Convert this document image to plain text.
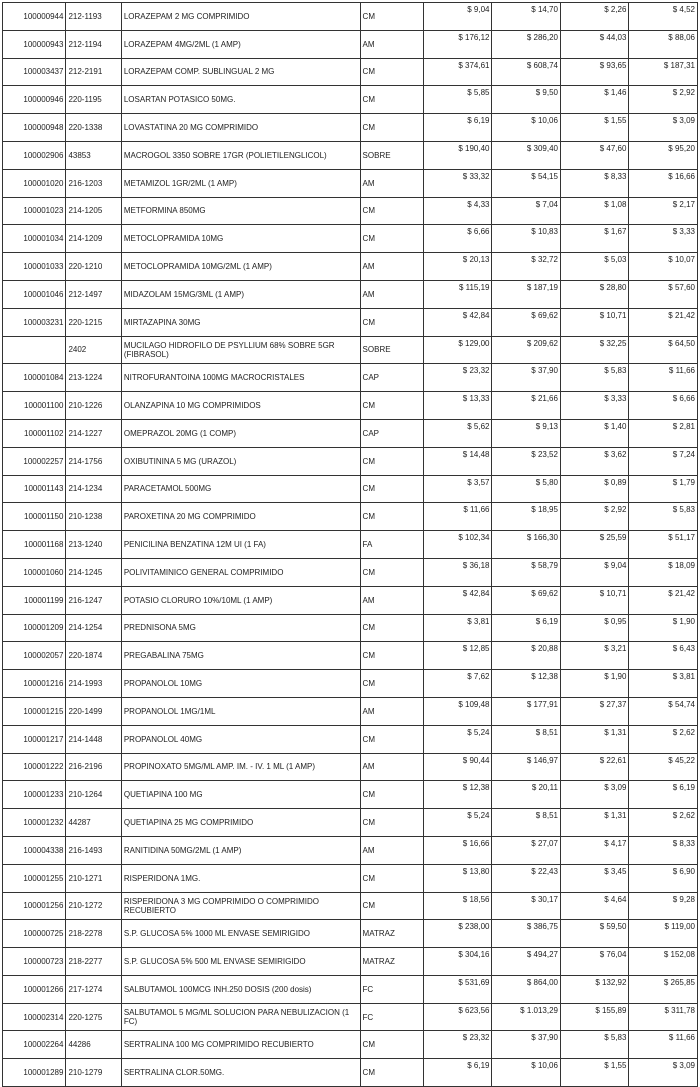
100000944	212-1193	LORAZEPAM 2 MG COMPRIMIDO	CM	$ 9,04	$ 14,70	$ 2,26	$ 4,52
100000943	212-1194	LORAZEPAM 4MG/2ML (1 AMP)	AM	$ 176,12	$ 286,20	$ 44,03	$ 88,06
100003437	212-2191	LORAZEPAM COMP. SUBLINGUAL 2 MG	CM	$ 374,61	$ 608,74	$ 93,65	$ 187,31
100000946	220-1195	LOSARTAN POTASICO 50MG.	CM	$ 5,85	$ 9,50	$ 1,46	$ 2,92
100000948	220-1338	LOVASTATINA 20 MG COMPRIMIDO	CM	$ 6,19	$ 10,06	$ 1,55	$ 3,09
100002906	43853	MACROGOL 3350 SOBRE 17GR (POLIETILENGLICOL)	SOBRE	$ 190,40	$ 309,40	$ 47,60	$ 95,20
100001020	216-1203	METAMIZOL 1GR/2ML (1 AMP)	AM	$ 33,32	$ 54,15	$ 8,33	$ 16,66
100001023	214-1205	METFORMINA 850MG	CM	$ 4,33	$ 7,04	$ 1,08	$ 2,17
100001034	214-1209	METOCLOPRAMIDA 10MG	CM	$ 6,66	$ 10,83	$ 1,67	$ 3,33
100001033	220-1210	METOCLOPRAMIDA 10MG/2ML (1 AMP)	AM	$ 20,13	$ 32,72	$ 5,03	$ 10,07
100001046	212-1497	MIDAZOLAM 15MG/3ML (1 AMP)	AM	$ 115,19	$ 187,19	$ 28,80	$ 57,60
100003231	220-1215	MIRTAZAPINA 30MG	CM	$ 42,84	$ 69,62	$ 10,71	$ 21,42
	2402	MUCILAGO HIDROFILO DE PSYLLIUM 68% SOBRE 5GR (FIBRASOL)	SOBRE	$ 129,00	$ 209,62	$ 32,25	$ 64,50
100001084	213-1224	NITROFURANTOINA 100MG MACROCRISTALES	CAP	$ 23,32	$ 37,90	$ 5,83	$ 11,66
100001100	210-1226	OLANZAPINA 10 MG COMPRIMIDOS	CM	$ 13,33	$ 21,66	$ 3,33	$ 6,66
100001102	214-1227	OMEPRAZOL 20MG (1 COMP)	CAP	$ 5,62	$ 9,13	$ 1,40	$ 2,81
100002257	214-1756	OXIBUTININA 5 MG (URAZOL)	CM	$ 14,48	$ 23,52	$ 3,62	$ 7,24
100001143	214-1234	PARACETAMOL 500MG	CM	$ 3,57	$ 5,80	$ 0,89	$ 1,79
100001150	210-1238	PAROXETINA 20 MG COMPRIMIDO	CM	$ 11,66	$ 18,95	$ 2,92	$ 5,83
100001168	213-1240	PENICILINA BENZATINA 12M UI (1 FA)	FA	$ 102,34	$ 166,30	$ 25,59	$ 51,17
100001060	214-1245	POLIVITAMINICO GENERAL COMPRIMIDO	CM	$ 36,18	$ 58,79	$ 9,04	$ 18,09
100001199	216-1247	POTASIO CLORURO 10%/10ML (1 AMP)	AM	$ 42,84	$ 69,62	$ 10,71	$ 21,42
100001209	214-1254	PREDNISONA 5MG	CM	$ 3,81	$ 6,19	$ 0,95	$ 1,90
100002057	220-1874	PREGABALINA 75MG	CM	$ 12,85	$ 20,88	$ 3,21	$ 6,43
100001216	214-1993	PROPANOLOL 10MG	CM	$ 7,62	$ 12,38	$ 1,90	$ 3,81
100001215	220-1499	PROPANOLOL 1MG/1ML	AM	$ 109,48	$ 177,91	$ 27,37	$ 54,74
100001217	214-1448	PROPANOLOL 40MG	CM	$ 5,24	$ 8,51	$ 1,31	$ 2,62
100001222	216-2196	PROPINOXATO 5MG/ML AMP. IM. - IV. 1 ML (1 AMP)	AM	$ 90,44	$ 146,97	$ 22,61	$ 45,22
100001233	210-1264	QUETIAPINA 100 MG	CM	$ 12,38	$ 20,11	$ 3,09	$ 6,19
100001232	44287	QUETIAPINA 25 MG COMPRIMIDO	CM	$ 5,24	$ 8,51	$ 1,31	$ 2,62
100004338	216-1493	RANITIDINA 50MG/2ML (1 AMP)	AM	$ 16,66	$ 27,07	$ 4,17	$ 8,33
100001255	210-1271	RISPERIDONA 1MG.	CM	$ 13,80	$ 22,43	$ 3,45	$ 6,90
100001256	210-1272	RISPERIDONA 3 MG COMPRIMIDO O COMPRIMIDO RECUBIERTO	CM	$ 18,56	$ 30,17	$ 4,64	$ 9,28
100000725	218-2278	S.P. GLUCOSA 5% 1000 ML ENVASE SEMIRIGIDO	MATRAZ	$ 238,00	$ 386,75	$ 59,50	$ 119,00
100000723	218-2277	S.P. GLUCOSA 5% 500 ML ENVASE SEMIRIGIDO	MATRAZ	$ 304,16	$ 494,27	$ 76,04	$ 152,08
100001266	217-1274	SALBUTAMOL 100MCG INH.250 DOSIS (200 dosis)	FC	$ 531,69	$ 864,00	$ 132,92	$ 265,85
100002314	220-1275	SALBUTAMOL 5 MG/ML SOLUCION PARA NEBULIZACION (1 FC)	FC	$ 623,56	$ 1.013,29	$ 155,89	$ 311,78
100002264	44286	SERTRALINA 100 MG COMPRIMIDO RECUBIERTO	CM	$ 23,32	$ 37,90	$ 5,83	$ 11,66
100001289	210-1279	SERTRALINA CLOR.50MG.	CM	$ 6,19	$ 10,06	$ 1,55	$ 3,09
